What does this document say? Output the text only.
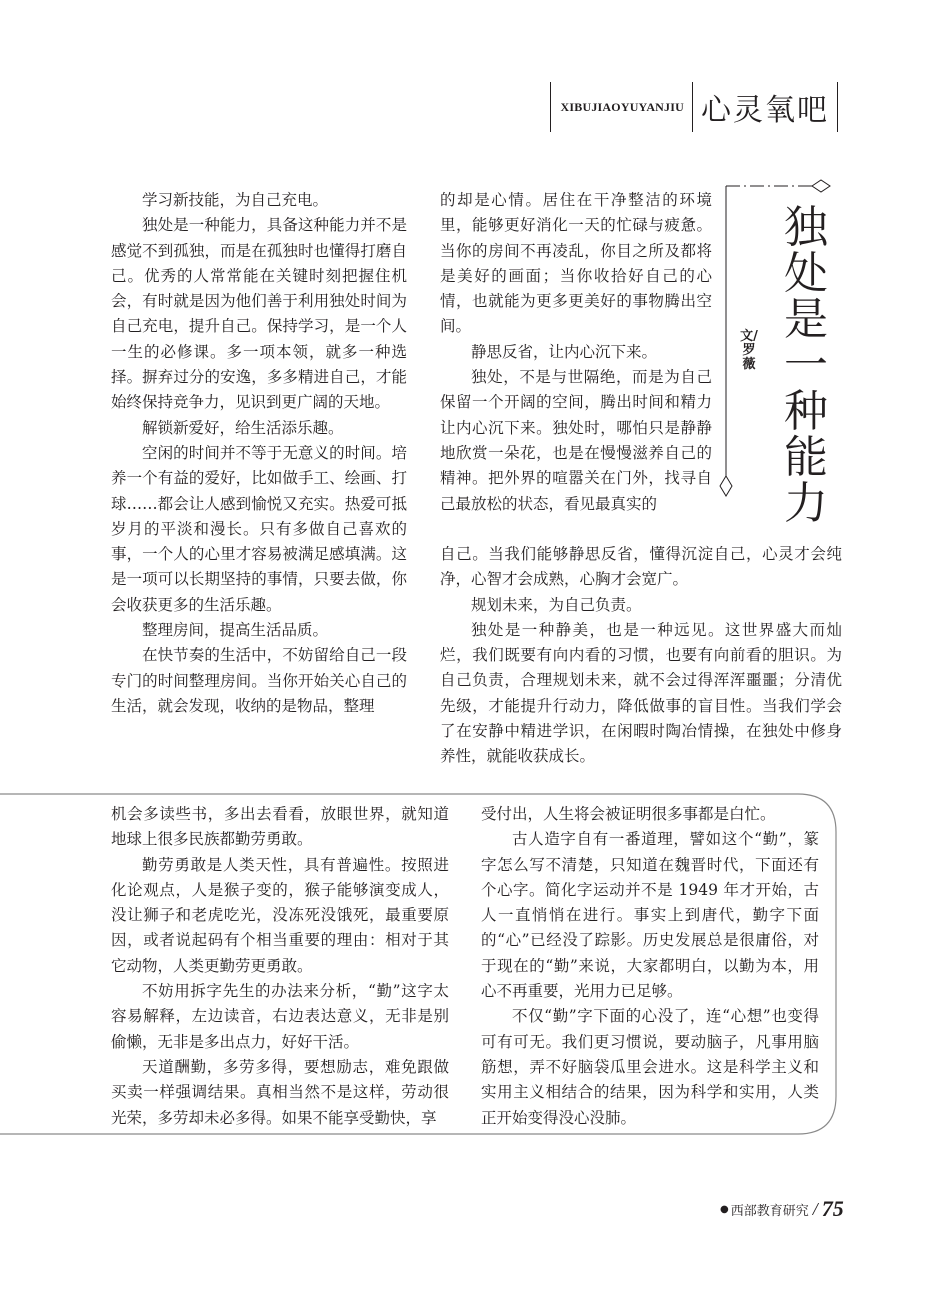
XIBUJIAOYUYANJIU 心灵氧吧

学习新技能，为自己充电。

独处是一种能力，具备这种能力并不是感觉不到孤独，而是在孤独时也懂得打磨自己。优秀的人常常能在关键时刻把握住机会，有时就是因为他们善于利用独处时间为自己充电，提升自己。保持学习，是一个人一生的必修课。多一项本领，就多一种选择。摒弃过分的安逸，多多精进自己，才能始终保持竞争力，见识到更广阔的天地。

解锁新爱好，给生活添乐趣。

空闲的时间并不等于无意义的时间。培养一个有益的爱好，比如做手工、绘画、打球……都会让人感到愉悦又充实。热爱可抵岁月的平淡和漫长。只有多做自己喜欢的事，一个人的心里才容易被满足感填满。这是一项可以长期坚持的事情，只要去做，你会收获更多的生活乐趣。

整理房间，提高生活品质。

在快节奏的生活中，不妨留给自己一段专门的时间整理房间。当你开始关心自己的生活，就会发现，收纳的是物品，整理

的却是心情。居住在干净整洁的环境里，能够更好消化一天的忙碌与疲惫。当你的房间不再凌乱，你目之所及都将是美好的画面；当你收拾好自己的心情，也就能为更多更美好的事物腾出空间。

静思反省，让内心沉下来。

独处，不是与世隔绝，而是为自己保留一个开阔的空间，腾出时间和精力让内心沉下来。独处时，哪怕只是静静地欣赏一朵花，也是在慢慢滋养自己的精神。把外界的喧嚣关在门外，找寻自己最放松的状态，看见最真实的

自己。当我们能够静思反省，懂得沉淀自己，心灵才会纯净，心智才会成熟，心胸才会宽广。

规划未来，为自己负责。

独处是一种静美，也是一种远见。这世界盛大而灿烂，我们既要有向内看的习惯，也要有向前看的胆识。为自己负责，合理规划未来，就不会过得浑浑噩噩；分清优先级，才能提升行动力，降低做事的盲目性。当我们学会了在安静中精进学识，在闲暇时陶冶情操，在独处中修身养性，就能收获成长。

独处是一种能力
文/罗 薇

机会多读些书，多出去看看，放眼世界，就知道地球上很多民族都勤劳勇敢。

勤劳勇敢是人类天性，具有普遍性。按照进化论观点，人是猴子变的，猴子能够演变成人，没让狮子和老虎吃光，没冻死没饿死，最重要原因，或者说起码有个相当重要的理由：相对于其它动物，人类更勤劳更勇敢。

不妨用拆字先生的办法来分析，“勤”这字太容易解释，左边读音，右边表达意义，无非是别偷懒，无非是多出点力，好好干活。

天道酬勤，多劳多得，要想励志，难免跟做买卖一样强调结果。真相当然不是这样，劳动很光荣，多劳却未必多得。如果不能享受勤快，享

受付出，人生将会被证明很多事都是白忙。

古人造字自有一番道理，譬如这个“勤”，篆字怎么写不清楚，只知道在魏晋时代，下面还有个心字。简化字运动并不是 1949 年才开始，古人一直悄悄在进行。事实上到唐代，勤字下面的“心”已经没了踪影。历史发展总是很庸俗，对于现在的“勤”来说，大家都明白，以勤为本，用心不再重要，光用力已足够。

不仅“勤”字下面的心没了，连“心想”也变得可有可无。我们更习惯说，要动脑子，凡事用脑筋想，弄不好脑袋瓜里会进水。这是科学主义和实用主义相结合的结果，因为科学和实用，人类正开始变得没心没肺。

● 西部教育研究 / 75
